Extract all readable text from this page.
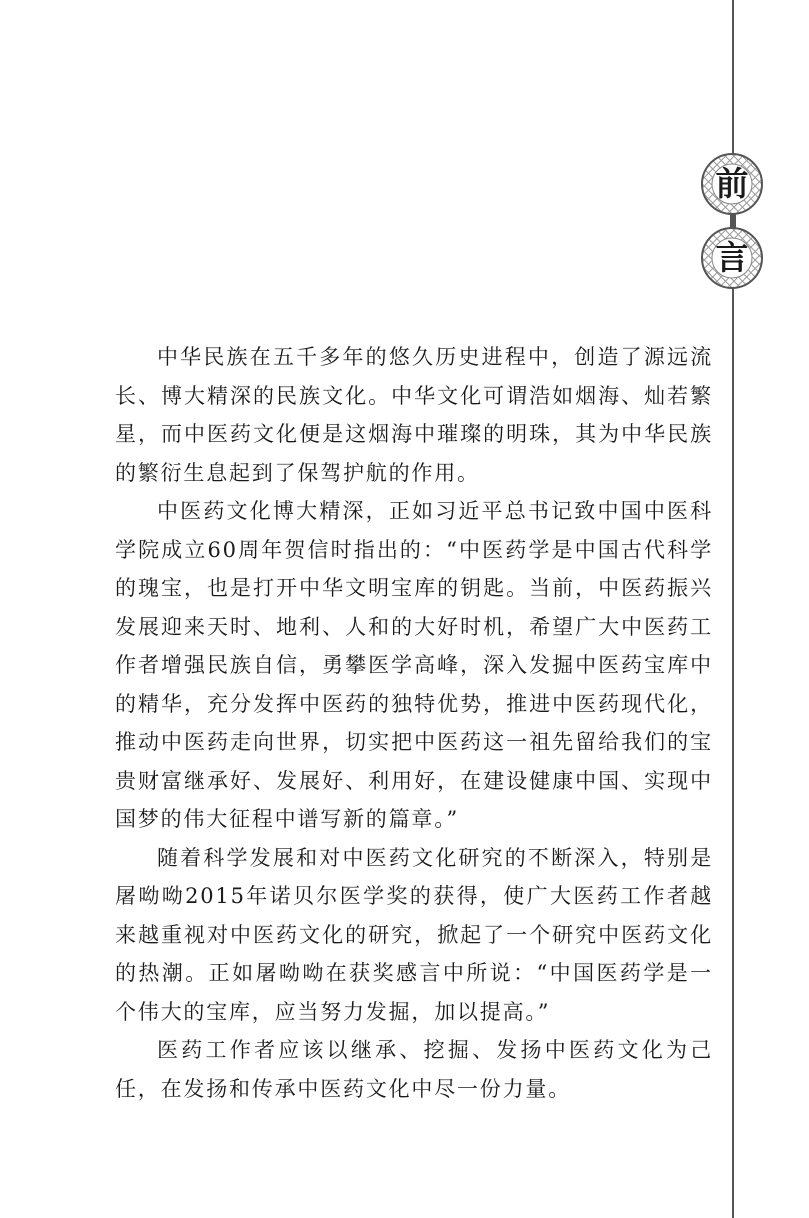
前
言

中华民族在五千多年的悠久历史进程中，创造了源远流长、博大精深的民族文化。中华文化可谓浩如烟海、灿若繁星，而中医药文化便是这烟海中璀璨的明珠，其为中华民族的繁衍生息起到了保驾护航的作用。

中医药文化博大精深，正如习近平总书记致中国中医科学院成立60周年贺信时指出的：“中医药学是中国古代科学的瑰宝，也是打开中华文明宝库的钥匙。当前，中医药振兴发展迎来天时、地利、人和的大好时机，希望广大中医药工作者增强民族自信，勇攀医学高峰，深入发掘中医药宝库中的精华，充分发挥中医药的独特优势，推进中医药现代化，推动中医药走向世界，切实把中医药这一祖先留给我们的宝贵财富继承好、发展好、利用好，在建设健康中国、实现中国梦的伟大征程中谱写新的篇章。”

随着科学发展和对中医药文化研究的不断深入，特别是屠呦呦2015年诺贝尔医学奖的获得，使广大医药工作者越来越重视对中医药文化的研究，掀起了一个研究中医药文化的热潮。正如屠呦呦在获奖感言中所说：“中国医药学是一个伟大的宝库，应当努力发掘，加以提高。”

医药工作者应该以继承、挖掘、发扬中医药文化为己任，在发扬和传承中医药文化中尽一份力量。
